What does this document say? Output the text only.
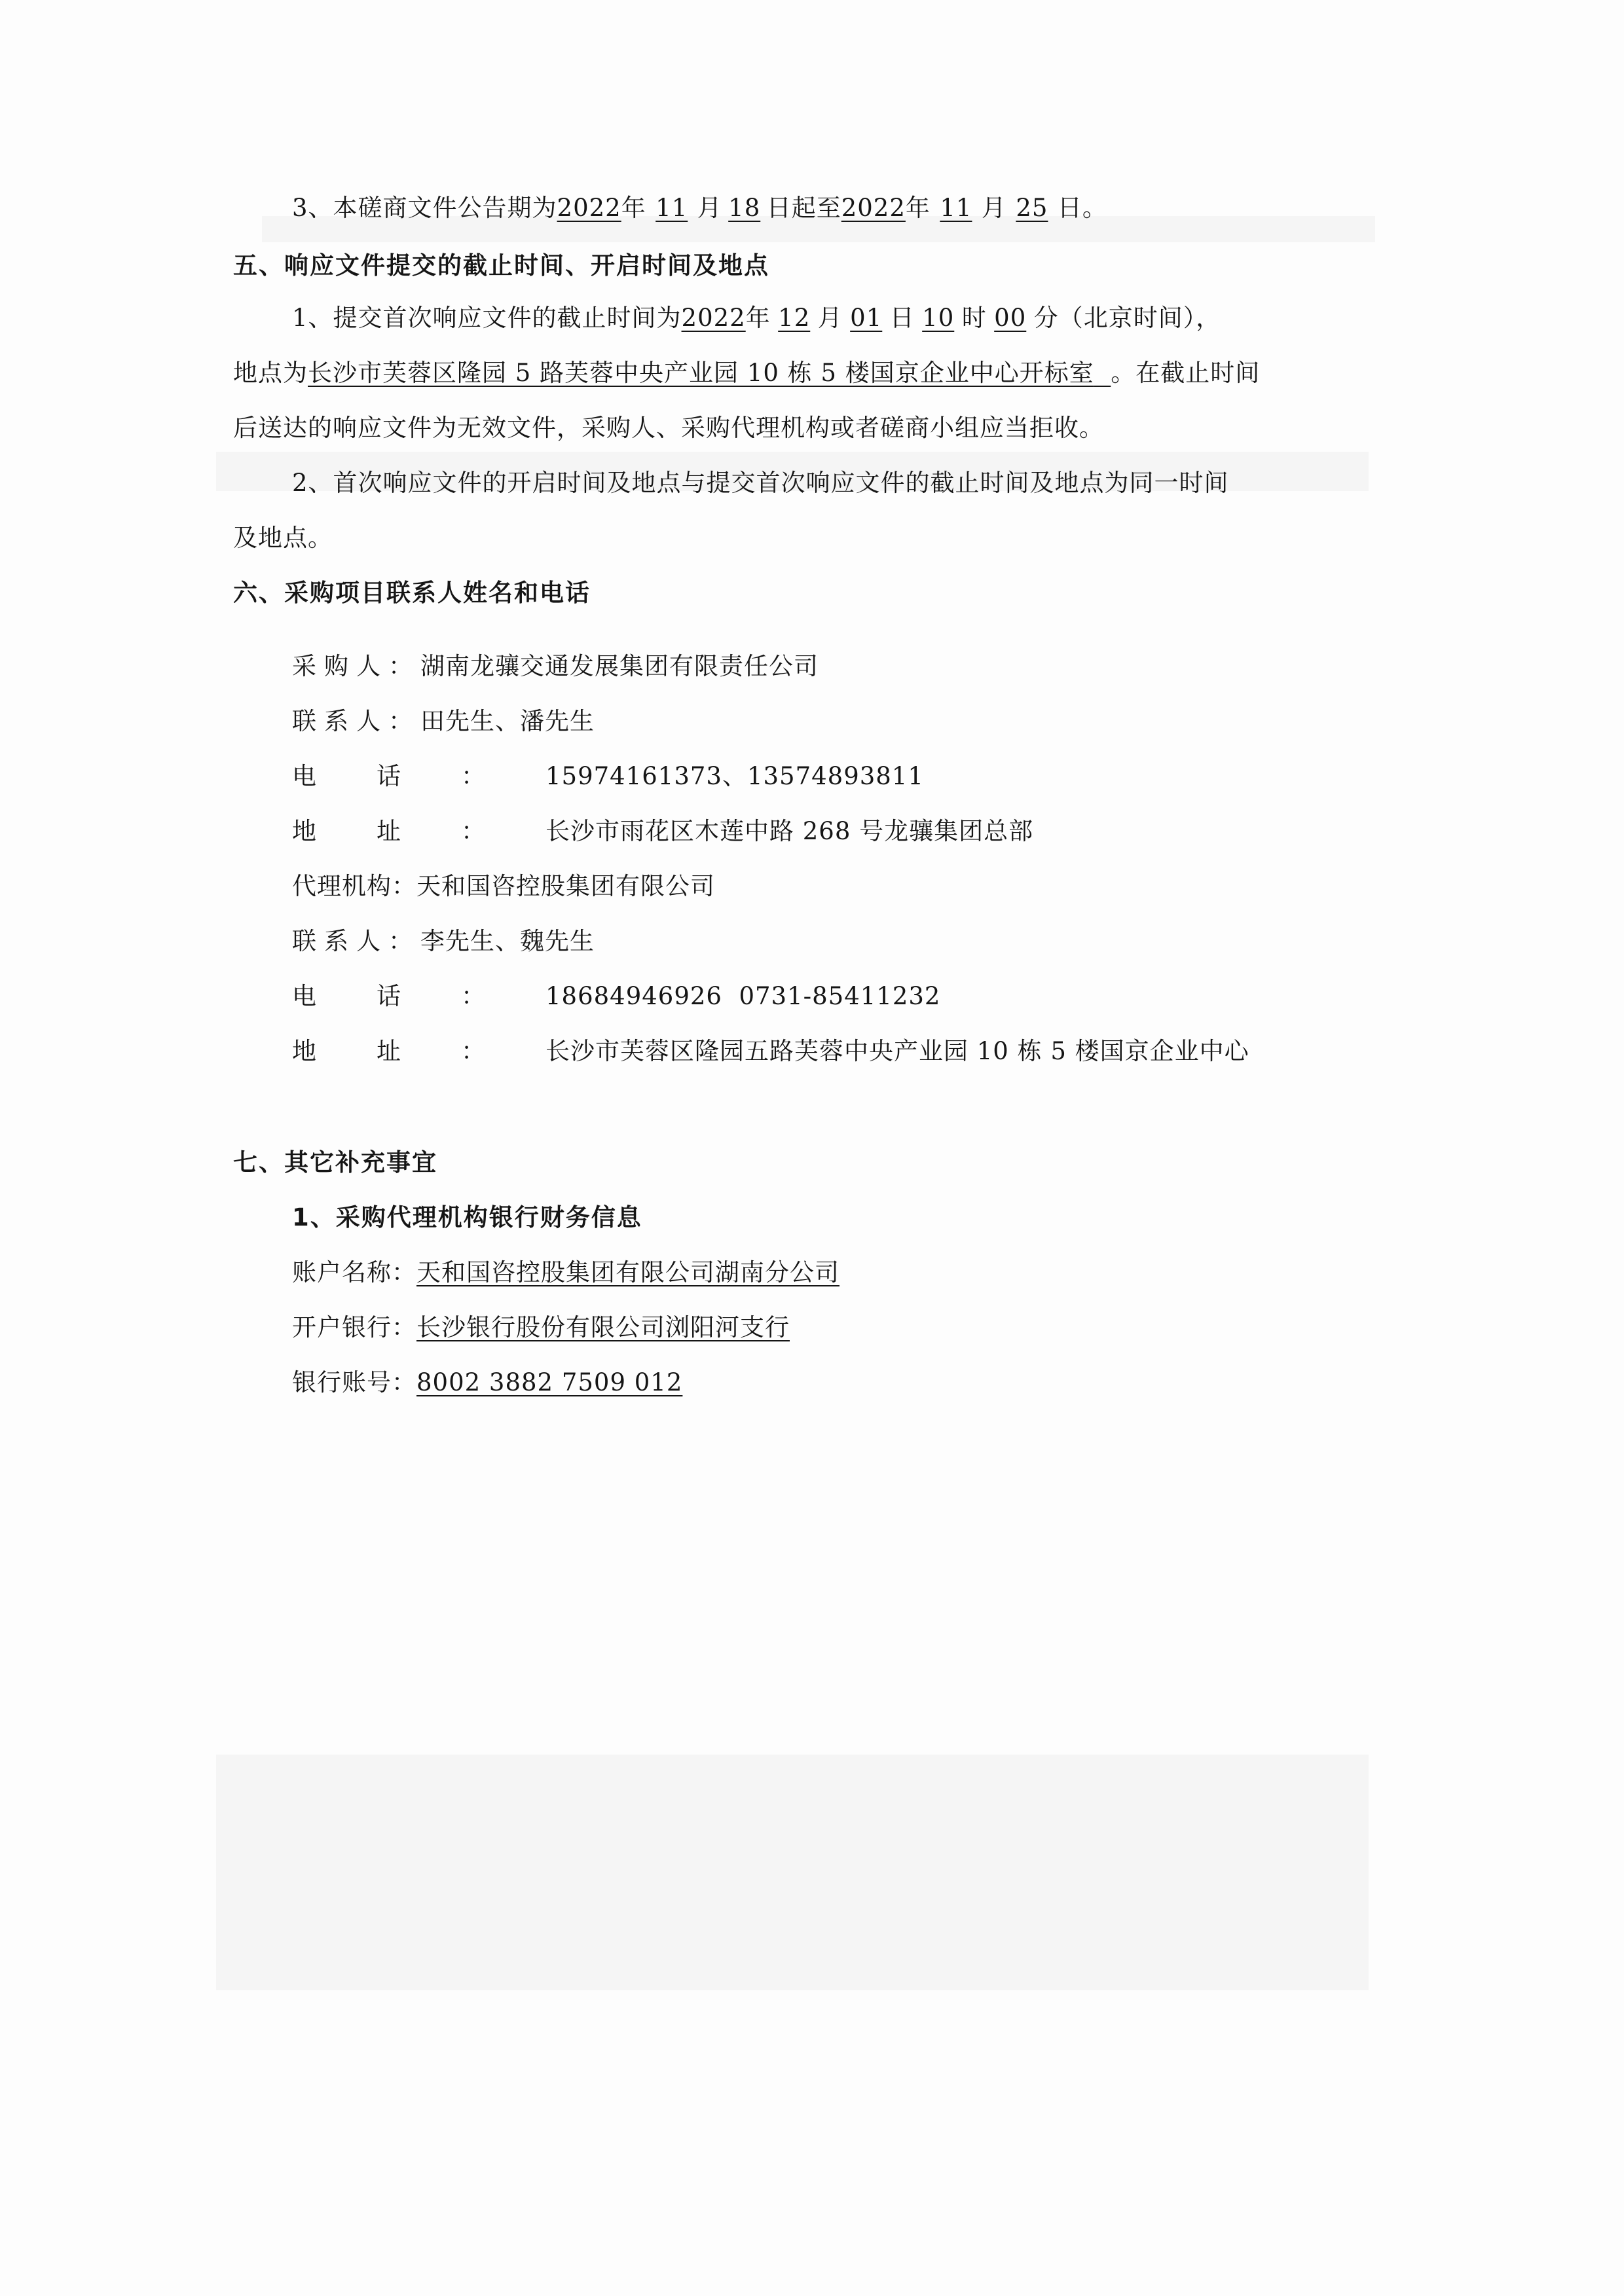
3、本磋商文件公告期为2022年 11 月 18 日起至2022年 11 月 25 日。
五、响应文件提交的截止时间、开启时间及地点
1、提交首次响应文件的截止时间为2022年 12 月 01 日 10 时 00 分（北京时间），
地点为长沙市芙蓉区隆园 5 路芙蓉中央产业园 10 栋 5 楼国京企业中心开标室 。在截止时间
后送达的响应文件为无效文件，采购人、采购代理机构或者磋商小组应当拒收。
2、首次响应文件的开启时间及地点与提交首次响应文件的截止时间及地点为同一时间
及地点。
六、采购项目联系人姓名和电话
采购人：湖南龙骧交通发展集团有限责任公司
联系人：田先生、潘先生
电话：15974161373、13574893811
地址：长沙市雨花区木莲中路 268 号龙骧集团总部
代理机构：天和国咨控股集团有限公司
联系人：李先生、魏先生
电话：18684946926  0731-85411232
地址：长沙市芙蓉区隆园五路芙蓉中央产业园 10 栋 5 楼国京企业中心
七、其它补充事宜
1、采购代理机构银行财务信息
账户名称：天和国咨控股集团有限公司湖南分公司
开户银行：长沙银行股份有限公司浏阳河支行
银行账号：8002 3882 7509 012
